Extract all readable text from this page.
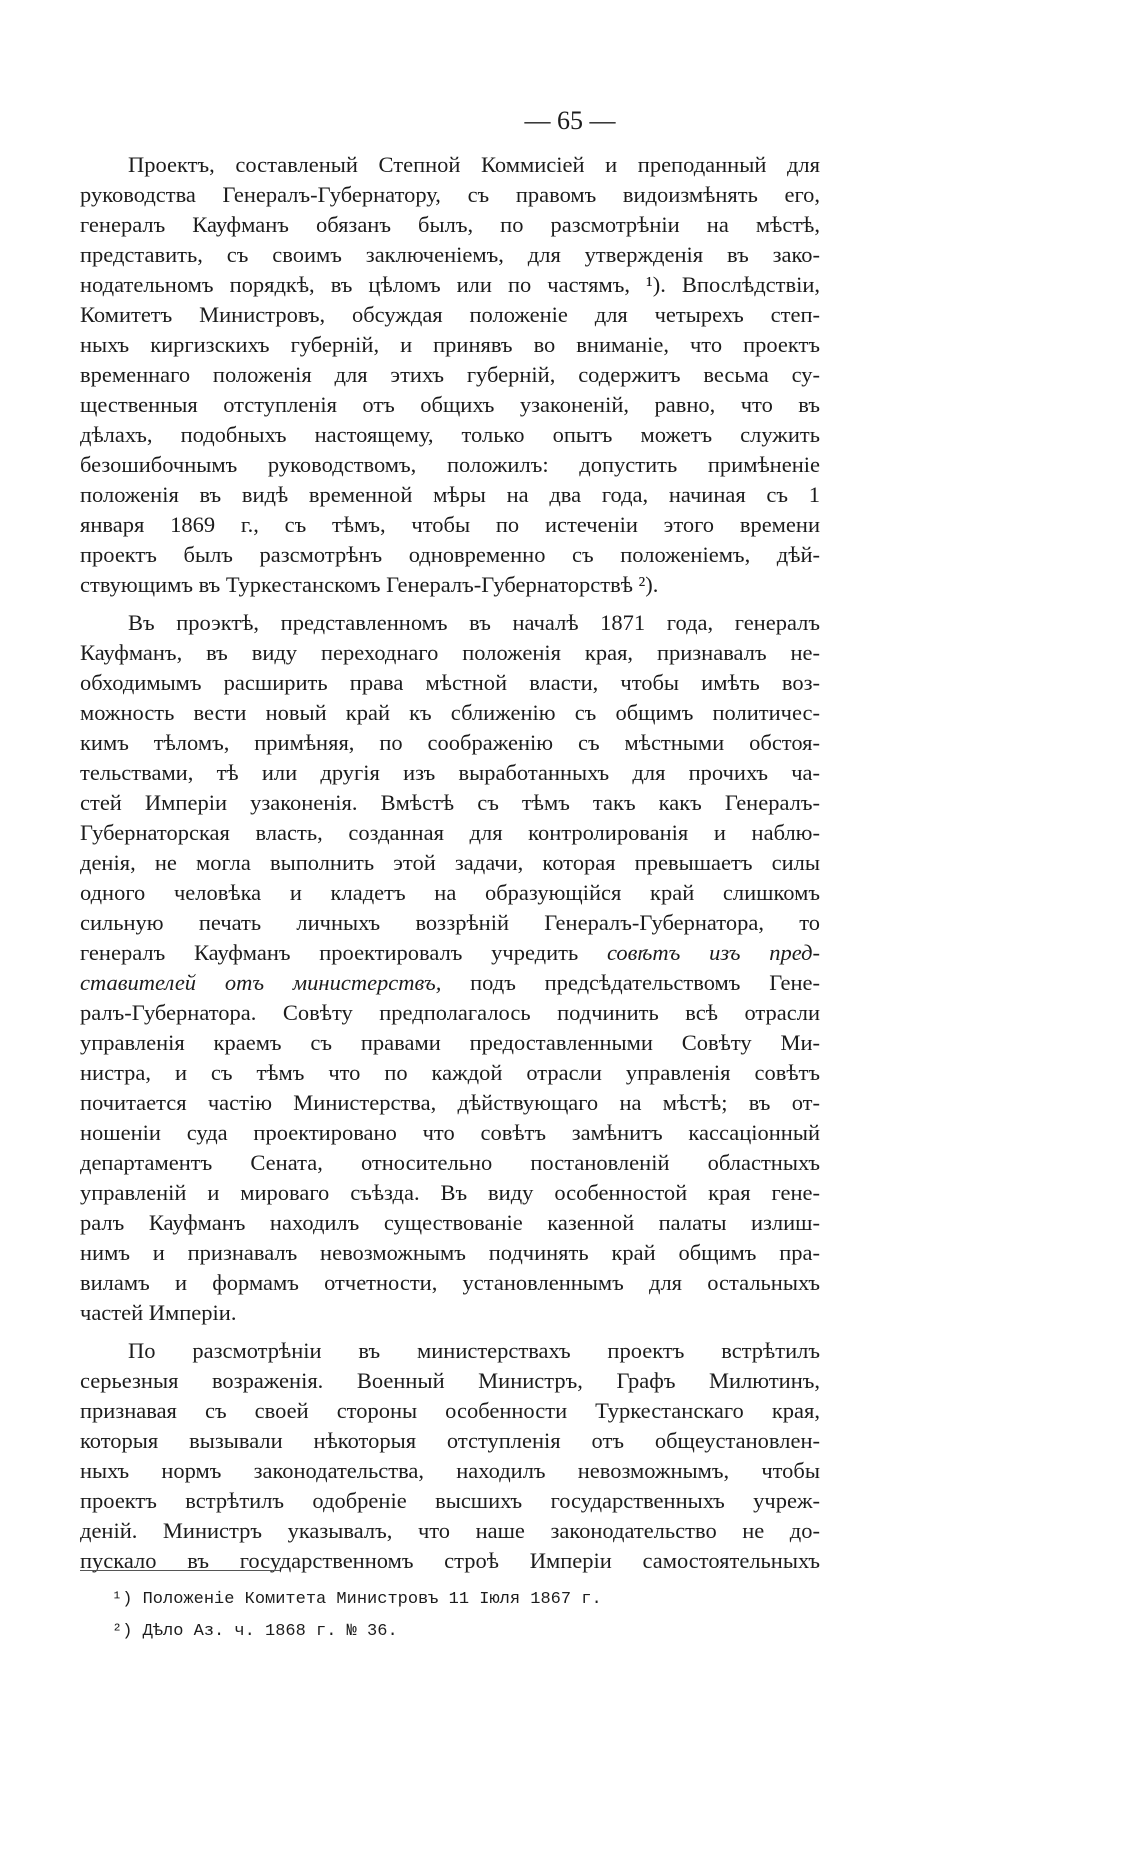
— 65 —
Проектъ, составленый Степной Коммисіей и преподанный для
руководства Генералъ-Губернатору, съ правомъ видоизмѣнять его,
генералъ Кауфманъ обязанъ былъ, по разсмотрѣніи на мѣстѣ,
представить, съ своимъ заключеніемъ, для утвержденія въ зако-
нодательномъ порядкѣ, въ цѣломъ или по частямъ, ¹). Впослѣдствіи,
Комитетъ Министровъ, обсуждая положеніе для четырехъ степ-
ныхъ киргизскихъ губерній, и принявъ во вниманіе, что проектъ
временнаго положенія для этихъ губерній, содержитъ весьма су-
щественныя отступленія отъ общихъ узаконеній, равно, что въ
дѣлахъ, подобныхъ настоящему, только опытъ можетъ служить
безошибочнымъ руководствомъ, положилъ: допустить примѣненіе
положенія въ видѣ временной мѣры на два года, начиная съ 1
января 1869 г., съ тѣмъ, чтобы по истеченіи этого времени
проектъ былъ разсмотрѣнъ одновременно съ положеніемъ, дѣй-
ствующимъ въ Туркестанскомъ Генералъ-Губернаторствѣ ²).
Въ проэктѣ, представленномъ въ началѣ 1871 года, генералъ
Кауфманъ, въ виду переходнаго положенія края, признавалъ не-
обходимымъ расширить права мѣстной власти, чтобы имѣть воз-
можность вести новый край къ сближенію съ общимъ политичес-
кимъ тѣломъ, примѣняя, по соображенію съ мѣстными обстоя-
тельствами, тѣ или другія изъ выработанныхъ для прочихъ ча-
стей Имперіи узаконенія. Вмѣстѣ съ тѣмъ такъ какъ Генералъ-
Губернаторская власть, созданная для контролированія и наблю-
денія, не могла выполнить этой задачи, которая превышаетъ силы
одного человѣка и кладетъ на образующійся край слишкомъ
сильную печать личныхъ воззрѣній Генералъ-Губернатора, то
генералъ Кауфманъ проектировалъ учредить совѣтъ изъ пред-
ставителей отъ министерствъ, подъ предсѣдательствомъ Гене-
ралъ-Губернатора. Совѣту предполагалось подчинить всѣ отрасли
управленія краемъ съ правами предоставленными Совѣту Ми-
нистра, и съ тѣмъ что по каждой отрасли управленія совѣтъ
почитается частію Министерства, дѣйствующаго на мѣстѣ; въ от-
ношеніи суда проектировано что совѣтъ замѣнитъ кассаціонный
департаментъ Сената, относительно постановленій областныхъ
управленій и мироваго съѣзда. Въ виду особенностой края гене-
ралъ Кауфманъ находилъ существованіе казенной палаты излиш-
нимъ и признавалъ невозможнымъ подчинять край общимъ пра-
виламъ и формамъ отчетности, установленнымъ для остальныхъ
частей Имперіи.
По разсмотрѣніи въ министерствахъ проектъ встрѣтилъ
серьезныя возраженія. Военный Министръ, Графъ Милютинъ,
признавая съ своей стороны особенности Туркестанскаго края,
которыя вызывали нѣкоторыя отступленія отъ общеустановлен-
ныхъ нормъ законодательства, находилъ невозможнымъ, чтобы
проектъ встрѣтилъ одобреніе высшихъ государственныхъ учреж-
деній. Министръ указывалъ, что наше законодательство не до-
пускало въ государственномъ строѣ Имперіи самостоятельныхъ
¹) Положеніе Комитета Министровъ 11 Іюля 1867 г.
²) Дѣло Аз. ч. 1868 г. № 36.
